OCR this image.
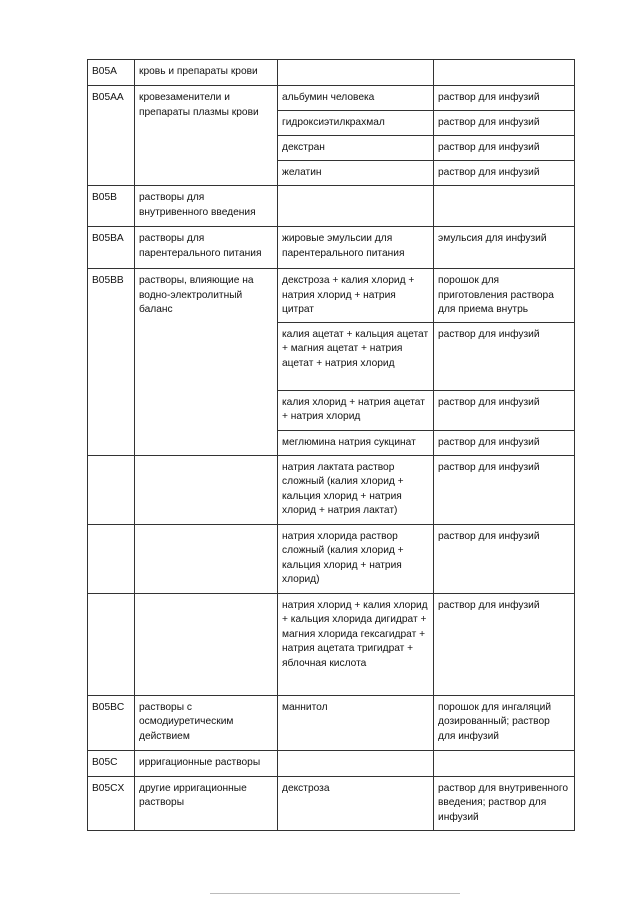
B05A	кровь и препараты крови		
B05AA	кровезаменители и препараты плазмы крови	альбумин человека	раствор для инфузий
		гидроксиэтилкрахмал	раствор для инфузий
		декстран	раствор для инфузий
		желатин	раствор для инфузий
B05B	растворы для внутривенного введения		
B05BA	растворы для парентерального питания	жировые эмульсии для парентерального питания	эмульсия для инфузий
B05BB	растворы, влияющие на водно-электролитный баланс	декстроза + калия хлорид + натрия хлорид + натрия цитрат	порошок для приготовления раствора для приема внутрь
		калия ацетат + кальция ацетат + магния ацетат + натрия ацетат + натрия хлорид	раствор для инфузий
		калия хлорид + натрия ацетат + натрия хлорид	раствор для инфузий
		меглюмина натрия сукцинат	раствор для инфузий
		натрия лактата раствор сложный (калия хлорид + кальция хлорид + натрия хлорид + натрия лактат)	раствор для инфузий
		натрия хлорида раствор сложный (калия хлорид + кальция хлорид + натрия хлорид)	раствор для инфузий
		натрия хлорид + калия хлорид + кальция хлорида дигидрат + магния хлорида гексагидрат + натрия ацетата тригидрат + яблочная кислота	раствор для инфузий
B05BC	растворы с осмодиуретическим действием	маннитол	порошок для ингаляций дозированный; раствор для инфузий
B05C	ирригационные растворы		
B05CX	другие ирригационные растворы	декстроза	раствор для внутривенного введения; раствор для инфузий
